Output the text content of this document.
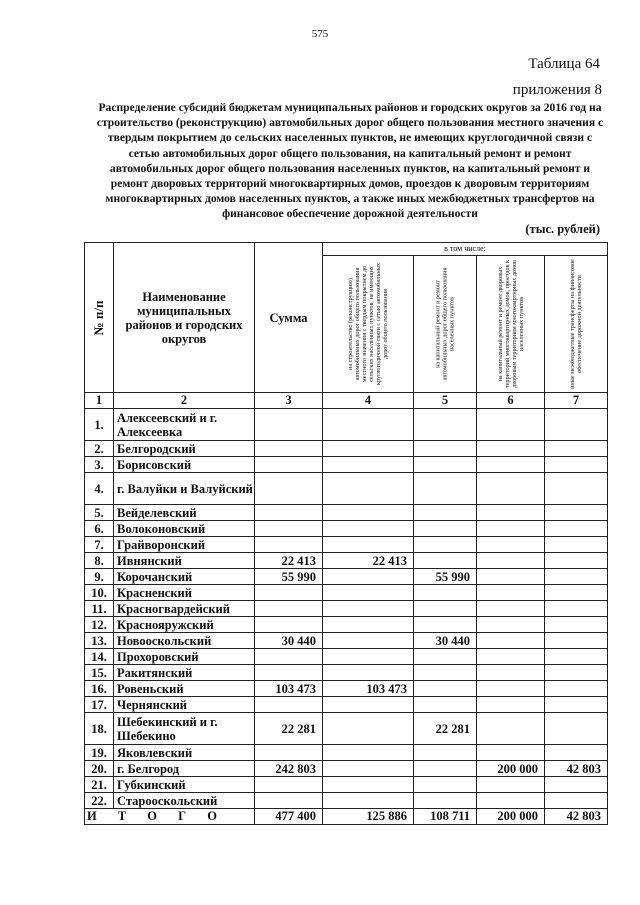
575
Таблица 64
приложения 8
Распределение субсидий бюджетам муниципальных районов и городских округов за 2016 год на строительство (реконструкцию) автомобильных дорог общего пользования местного значения с твердым покрытием до сельских населенных пунктов, не имеющих круглогодичной связи с сетью автомобильных дорог общего пользования, на капитальный ремонт и ремонт автомобильных дорог общего пользования населенных пунктов, на капитальный ремонт и ремонт дворовых территорий многоквартирных домов, проездов к дворовым территориям многоквартирных домов населенных пунктов, а также иных межбюджетных трансфертов на финансовое обеспечение дорожной деятельности
(тыс. рублей)
№ п/п	Наименование муниципальных районов и городских округов	Сумма	в том числе:			

			на строительство (реконструкцию) автомобильных дорог общего пользования местного значения с твердым покрытием до сельских населенных пунктов, не имеющих круглогодичной связи с сетью автомобильных дорог общего пользования	на капитальный ремонт и ремонт автомобильных дорог общего пользования населенных пунктов	на капитальный ремонт и ремонт дворовых территорий многоквартирных домов, проездов к дворовым территориям многоквартирных домов населенных пунктов	иные межбюджетные трансферты на финансовое обеспечение дорожной деятельности

1	2	3	4	5	6	7
1.	Алексеевский и г. Алексеевка					
2.	Белгородский					
3.	Борисовский					
4.	г. Валуйки и Валуйский					
5.	Вейделевский					
6.	Волоконовский					
7.	Грайворонский					
8.	Ивнянский	22 413	22 413			
9.	Корочанский	55 990		55 990		
10.	Красненский					
11.	Красногвардейский					
12.	Краснояружский					
13.	Новооскольский	30 440		30 440		
14.	Прохоровский					
15.	Ракитянский					
16.	Ровеньский	103 473	103 473			
17.	Чернянский					
18.	Шебекинский и г. Шебекино	22 281		22 281		
19.	Яковлевский					
20.	г. Белгород	242 803			200 000	42 803
21.	Губкинский					
22.	Старооскольский					
И Т О Г О		477 400	125 886	108 711	200 000	42 803
